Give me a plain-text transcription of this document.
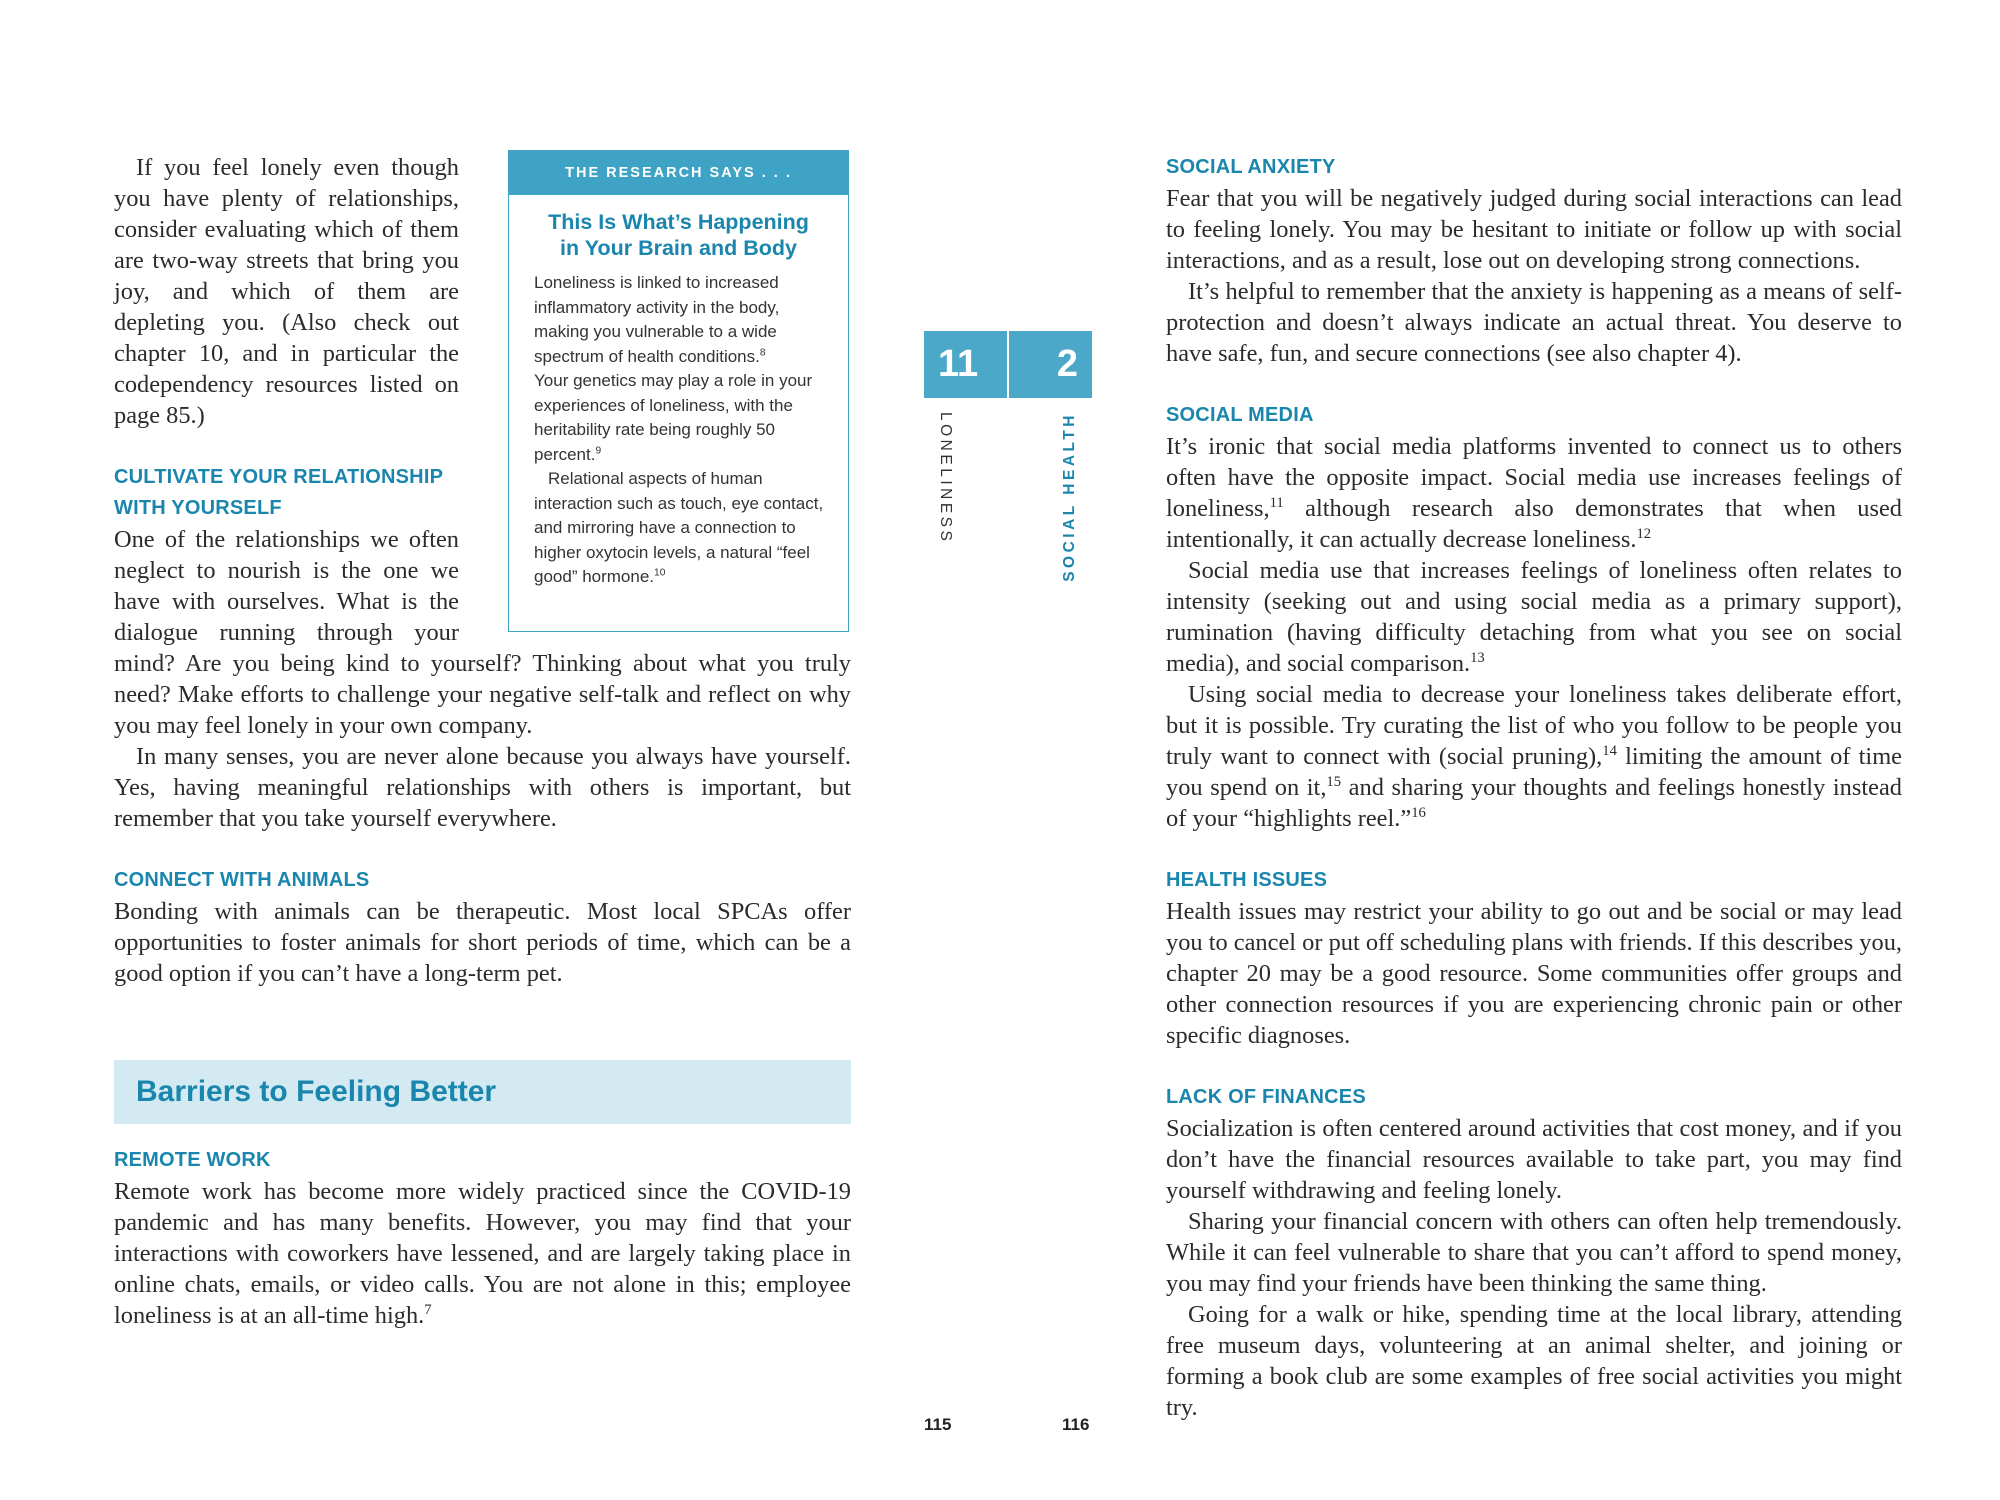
If you feel lonely even though you have plenty of relationships, consider evaluating which of them are two-way streets that bring you joy, and which of them are depleting you. (Also check out chapter 10, and in particular the codependency resources listed on page 85.)

CULTIVATE YOUR RELATIONSHIP
WITH YOURSELF

One of the relationships we often neglect to nourish is the one we have with ourselves. What is the dialogue running through your mind? Are you being kind to yourself? Thinking about what you truly need? Make efforts to challenge your negative self-talk and reflect on why you may feel lonely in your own company.

In many senses, you are never alone because you always have yourself. Yes, having meaningful relationships with others is important, but remember that you take yourself everywhere.

CONNECT WITH ANIMALS

Bonding with animals can be therapeutic. Most local SPCAs offer opportunities to foster animals for short periods of time, which can be a good option if you can’t have a long-term pet.

Barriers to Feeling Better
REMOTE WORK

Remote work has become more widely practiced since the COVID-19 pandemic and has many benefits. However, you may find that your interactions with coworkers have lessened, and are largely taking place in online chats, emails, or video calls. You are not alone in this; employee loneliness is at an all-time high.$^7$

THE RESEARCH SAYS . . .
This Is What’s Happening
in Your Brain and Body

Loneliness is linked to increased inflammatory activity in the body, making you vulnerable to a wide spectrum of health conditions.$^8$

Your genetics may play a role in your experiences of loneliness, with the heritability rate being roughly 50 percent.$^9$

Relational aspects of human interaction such as touch, eye contact, and mirroring have a connection to higher oxytocin levels, a natural “feel good” hormone.$^{10}$

11	2
LONELINESS	SOCIAL HEALTH
SOCIAL ANXIETY

Fear that you will be negatively judged during social interactions can lead to feeling lonely. You may be hesitant to initiate or follow up with social interactions, and as a result, lose out on developing strong connections.

It’s helpful to remember that the anxiety is happening as a means of self-protection and doesn’t always indicate an actual threat. You deserve to have safe, fun, and secure connections (see also chapter 4).

SOCIAL MEDIA

It’s ironic that social media platforms invented to connect us to others often have the opposite impact. Social media use increases feelings of loneliness,$^{11}$ although research also demonstrates that when used intentionally, it can actually decrease loneliness.$^{12}$

Social media use that increases feelings of loneliness often relates to intensity (seeking out and using social media as a primary support), rumination (having difficulty detaching from what you see on social media), and social comparison.$^{13}$

Using social media to decrease your loneliness takes deliberate effort, but it is possible. Try curating the list of who you follow to be people you truly want to connect with (social pruning),$^{14}$ limiting the amount of time you spend on it,$^{15}$ and sharing your thoughts and feelings honestly instead of your “highlights reel.”$^{16}$

HEALTH ISSUES

Health issues may restrict your ability to go out and be social or may lead you to cancel or put off scheduling plans with friends. If this describes you, chapter 20 may be a good resource. Some communities offer groups and other connection resources if you are experiencing chronic pain or other specific diagnoses.

LACK OF FINANCES

Socialization is often centered around activities that cost money, and if you don’t have the financial resources available to take part, you may find yourself withdrawing and feeling lonely.

Sharing your financial concern with others can often help tremendously. While it can feel vulnerable to share that you can’t afford to spend money, you may find your friends have been thinking the same thing.

Going for a walk or hike, spending time at the local library, attending free museum days, volunteering at an animal shelter, and joining or forming a book club are some examples of free social activities you might try.

115	116
